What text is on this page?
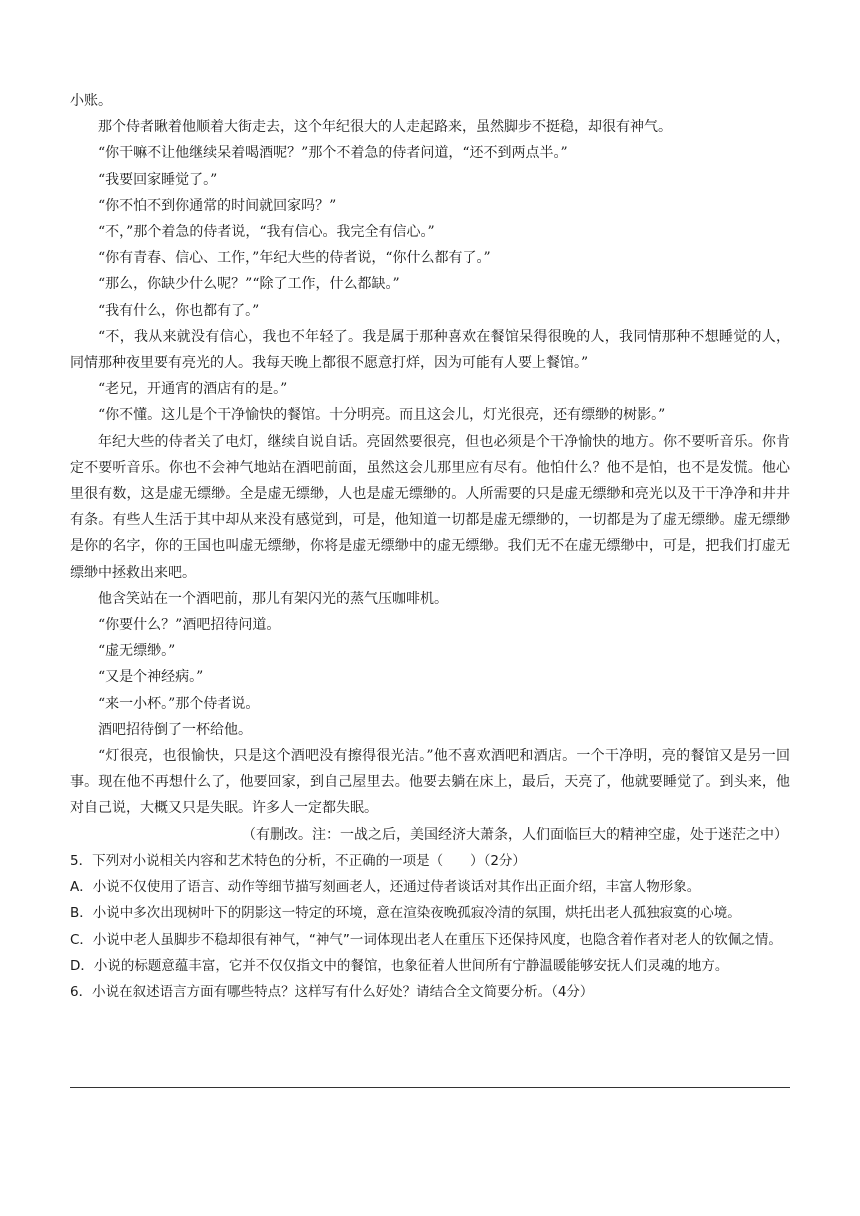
小账。

那个侍者瞅着他顺着大街走去，这个年纪很大的人走起路来，虽然脚步不挺稳，却很有神气。

“你干嘛不让他继续呆着喝酒呢？”那个不着急的侍者问道，“还不到两点半。”

“我要回家睡觉了。”

“你不怕不到你通常的时间就回家吗？”

“不，”那个着急的侍者说，“我有信心。我完全有信心。”

“你有青春、信心、工作，”年纪大些的侍者说，“你什么都有了。”

“那么，你缺少什么呢？”“除了工作，什么都缺。”

“我有什么，你也都有了。”

“不，我从来就没有信心，我也不年轻了。我是属于那种喜欢在餐馆呆得很晚的人，我同情那种不想睡觉的人，同情那种夜里要有亮光的人。我每天晚上都很不愿意打烊，因为可能有人要上餐馆。”

“老兄，开通宵的酒店有的是。”

“你不懂。这儿是个干净愉快的餐馆。十分明亮。而且这会儿，灯光很亮，还有缥缈的树影。”

年纪大些的侍者关了电灯，继续自说自话。亮固然要很亮，但也必须是个干净愉快的地方。你不要听音乐。你肯定不要听音乐。你也不会神气地站在酒吧前面，虽然这会儿那里应有尽有。他怕什么？他不是怕，也不是发慌。他心里很有数，这是虚无缥缈。全是虚无缥缈，人也是虚无缥缈的。人所需要的只是虚无缥缈和亮光以及干干净净和井井有条。有些人生活于其中却从来没有感觉到，可是，他知道一切都是虚无缥缈的，一切都是为了虚无缥缈。虚无缥缈是你的名字，你的王国也叫虚无缥缈，你将是虚无缥缈中的虚无缥缈。我们无不在虚无缥缈中，可是，把我们打虚无缥缈中拯救出来吧。

他含笑站在一个酒吧前，那儿有架闪光的蒸气压咖啡机。

“你要什么？”酒吧招待问道。

“虚无缥缈。”

“又是个神经病。”

“来一小杯。”那个侍者说。

酒吧招待倒了一杯给他。

“灯很亮，也很愉快，只是这个酒吧没有擦得很光洁。”他不喜欢酒吧和酒店。一个干净明，亮的餐馆又是另一回事。现在他不再想什么了，他要回家，到自己屋里去。他要去躺在床上，最后，天亮了，他就要睡觉了。到头来，他对自己说，大概又只是失眠。许多人一定都失眠。

（有删改。注：一战之后，美国经济大萧条，人们面临巨大的精神空虚，处于迷茫之中）

5．下列对小说相关内容和艺术特色的分析，不正确的一项是（　　）（2分）

A．小说不仅使用了语言、动作等细节描写刻画老人，还通过侍者谈话对其作出正面介绍，丰富人物形象。

B．小说中多次出现树叶下的阴影这一特定的环境，意在渲染夜晚孤寂冷清的氛围，烘托出老人孤独寂寞的心境。

C．小说中老人虽脚步不稳却很有神气，“神气”一词体现出老人在重压下还保持风度，也隐含着作者对老人的钦佩之情。

D．小说的标题意蕴丰富，它并不仅仅指文中的餐馆，也象征着人世间所有宁静温暖能够安抚人们灵魂的地方。

6．小说在叙述语言方面有哪些特点？这样写有什么好处？请结合全文简要分析。（4分）
